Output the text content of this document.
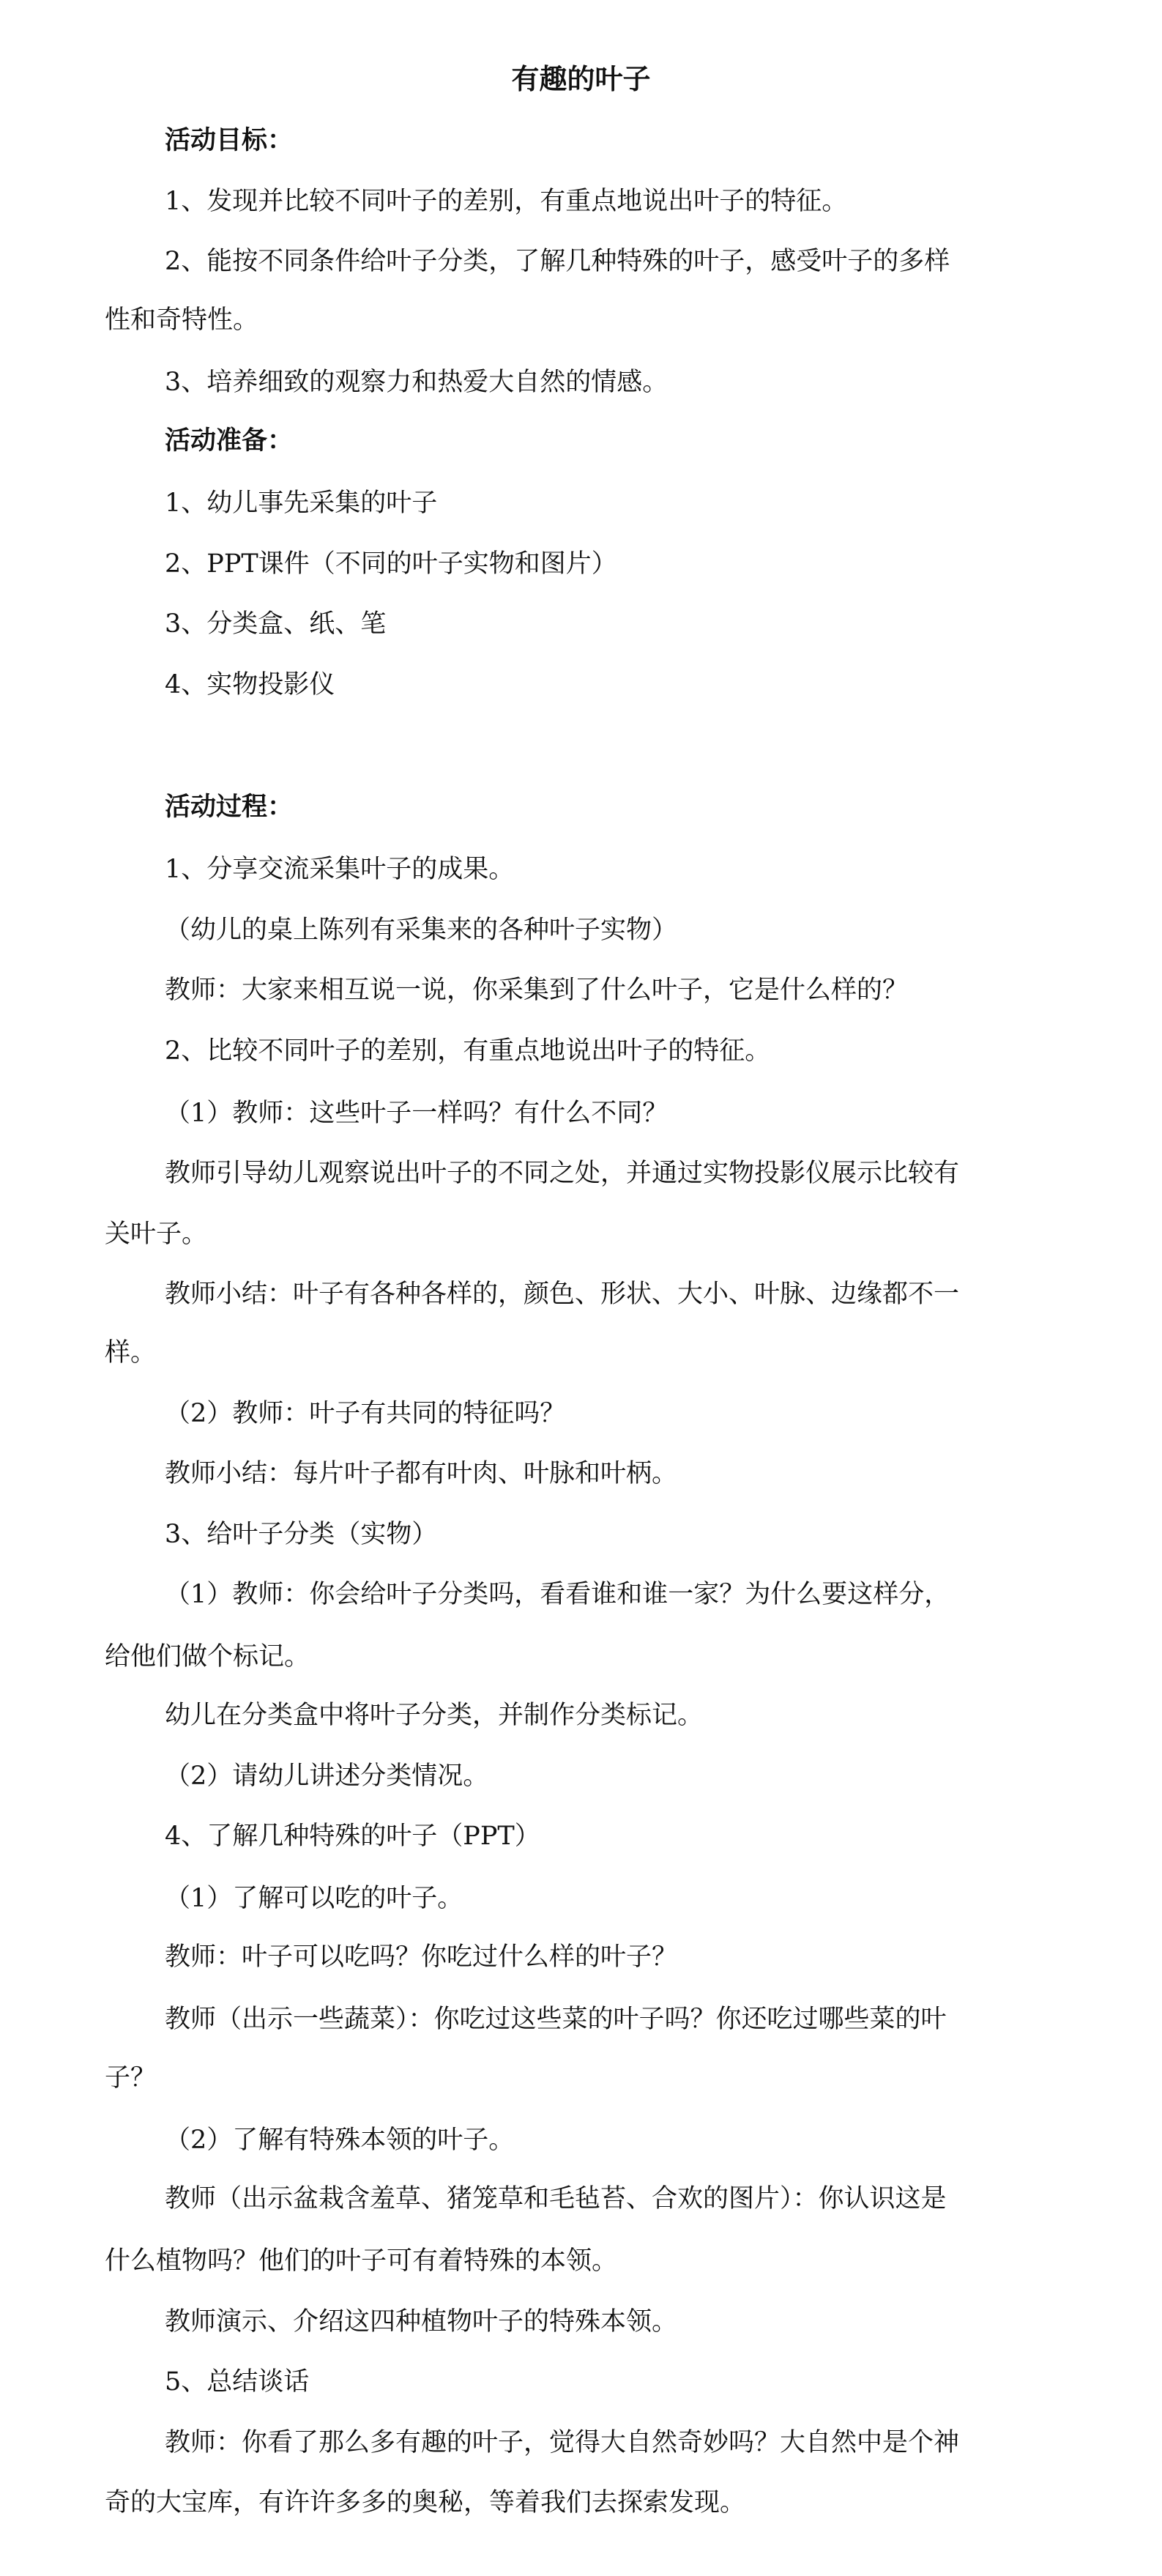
有趣的叶子
活动目标：
1、发现并比较不同叶子的差别，有重点地说出叶子的特征。
2、能按不同条件给叶子分类，了解几种特殊的叶子，感受叶子的多样
性和奇特性。
3、培养细致的观察力和热爱大自然的情感。
活动准备：
1、幼儿事先采集的叶子
2、PPT课件（不同的叶子实物和图片）
3、分类盒、纸、笔
4、实物投影仪
活动过程：
1、分享交流采集叶子的成果。
（幼儿的桌上陈列有采集来的各种叶子实物）
教师：大家来相互说一说，你采集到了什么叶子，它是什么样的？
2、比较不同叶子的差别，有重点地说出叶子的特征。
（1）教师：这些叶子一样吗？有什么不同？
教师引导幼儿观察说出叶子的不同之处，并通过实物投影仪展示比较有
关叶子。
教师小结：叶子有各种各样的，颜色、形状、大小、叶脉、边缘都不一
样。
（2）教师：叶子有共同的特征吗？
教师小结：每片叶子都有叶肉、叶脉和叶柄。
3、给叶子分类（实物）
（1）教师：你会给叶子分类吗，看看谁和谁一家？为什么要这样分，
给他们做个标记。
幼儿在分类盒中将叶子分类，并制作分类标记。
（2）请幼儿讲述分类情况。
4、了解几种特殊的叶子（PPT）
（1）了解可以吃的叶子。
教师：叶子可以吃吗？你吃过什么样的叶子？
教师（出示一些蔬菜）：你吃过这些菜的叶子吗？你还吃过哪些菜的叶
子？
（2）了解有特殊本领的叶子。
教师（出示盆栽含羞草、猪笼草和毛毡苔、合欢的图片）：你认识这是
什么植物吗？他们的叶子可有着特殊的本领。
教师演示、介绍这四种植物叶子的特殊本领。
5、总结谈话
教师：你看了那么多有趣的叶子，觉得大自然奇妙吗？大自然中是个神
奇的大宝库，有许许多多的奥秘，等着我们去探索发现。
